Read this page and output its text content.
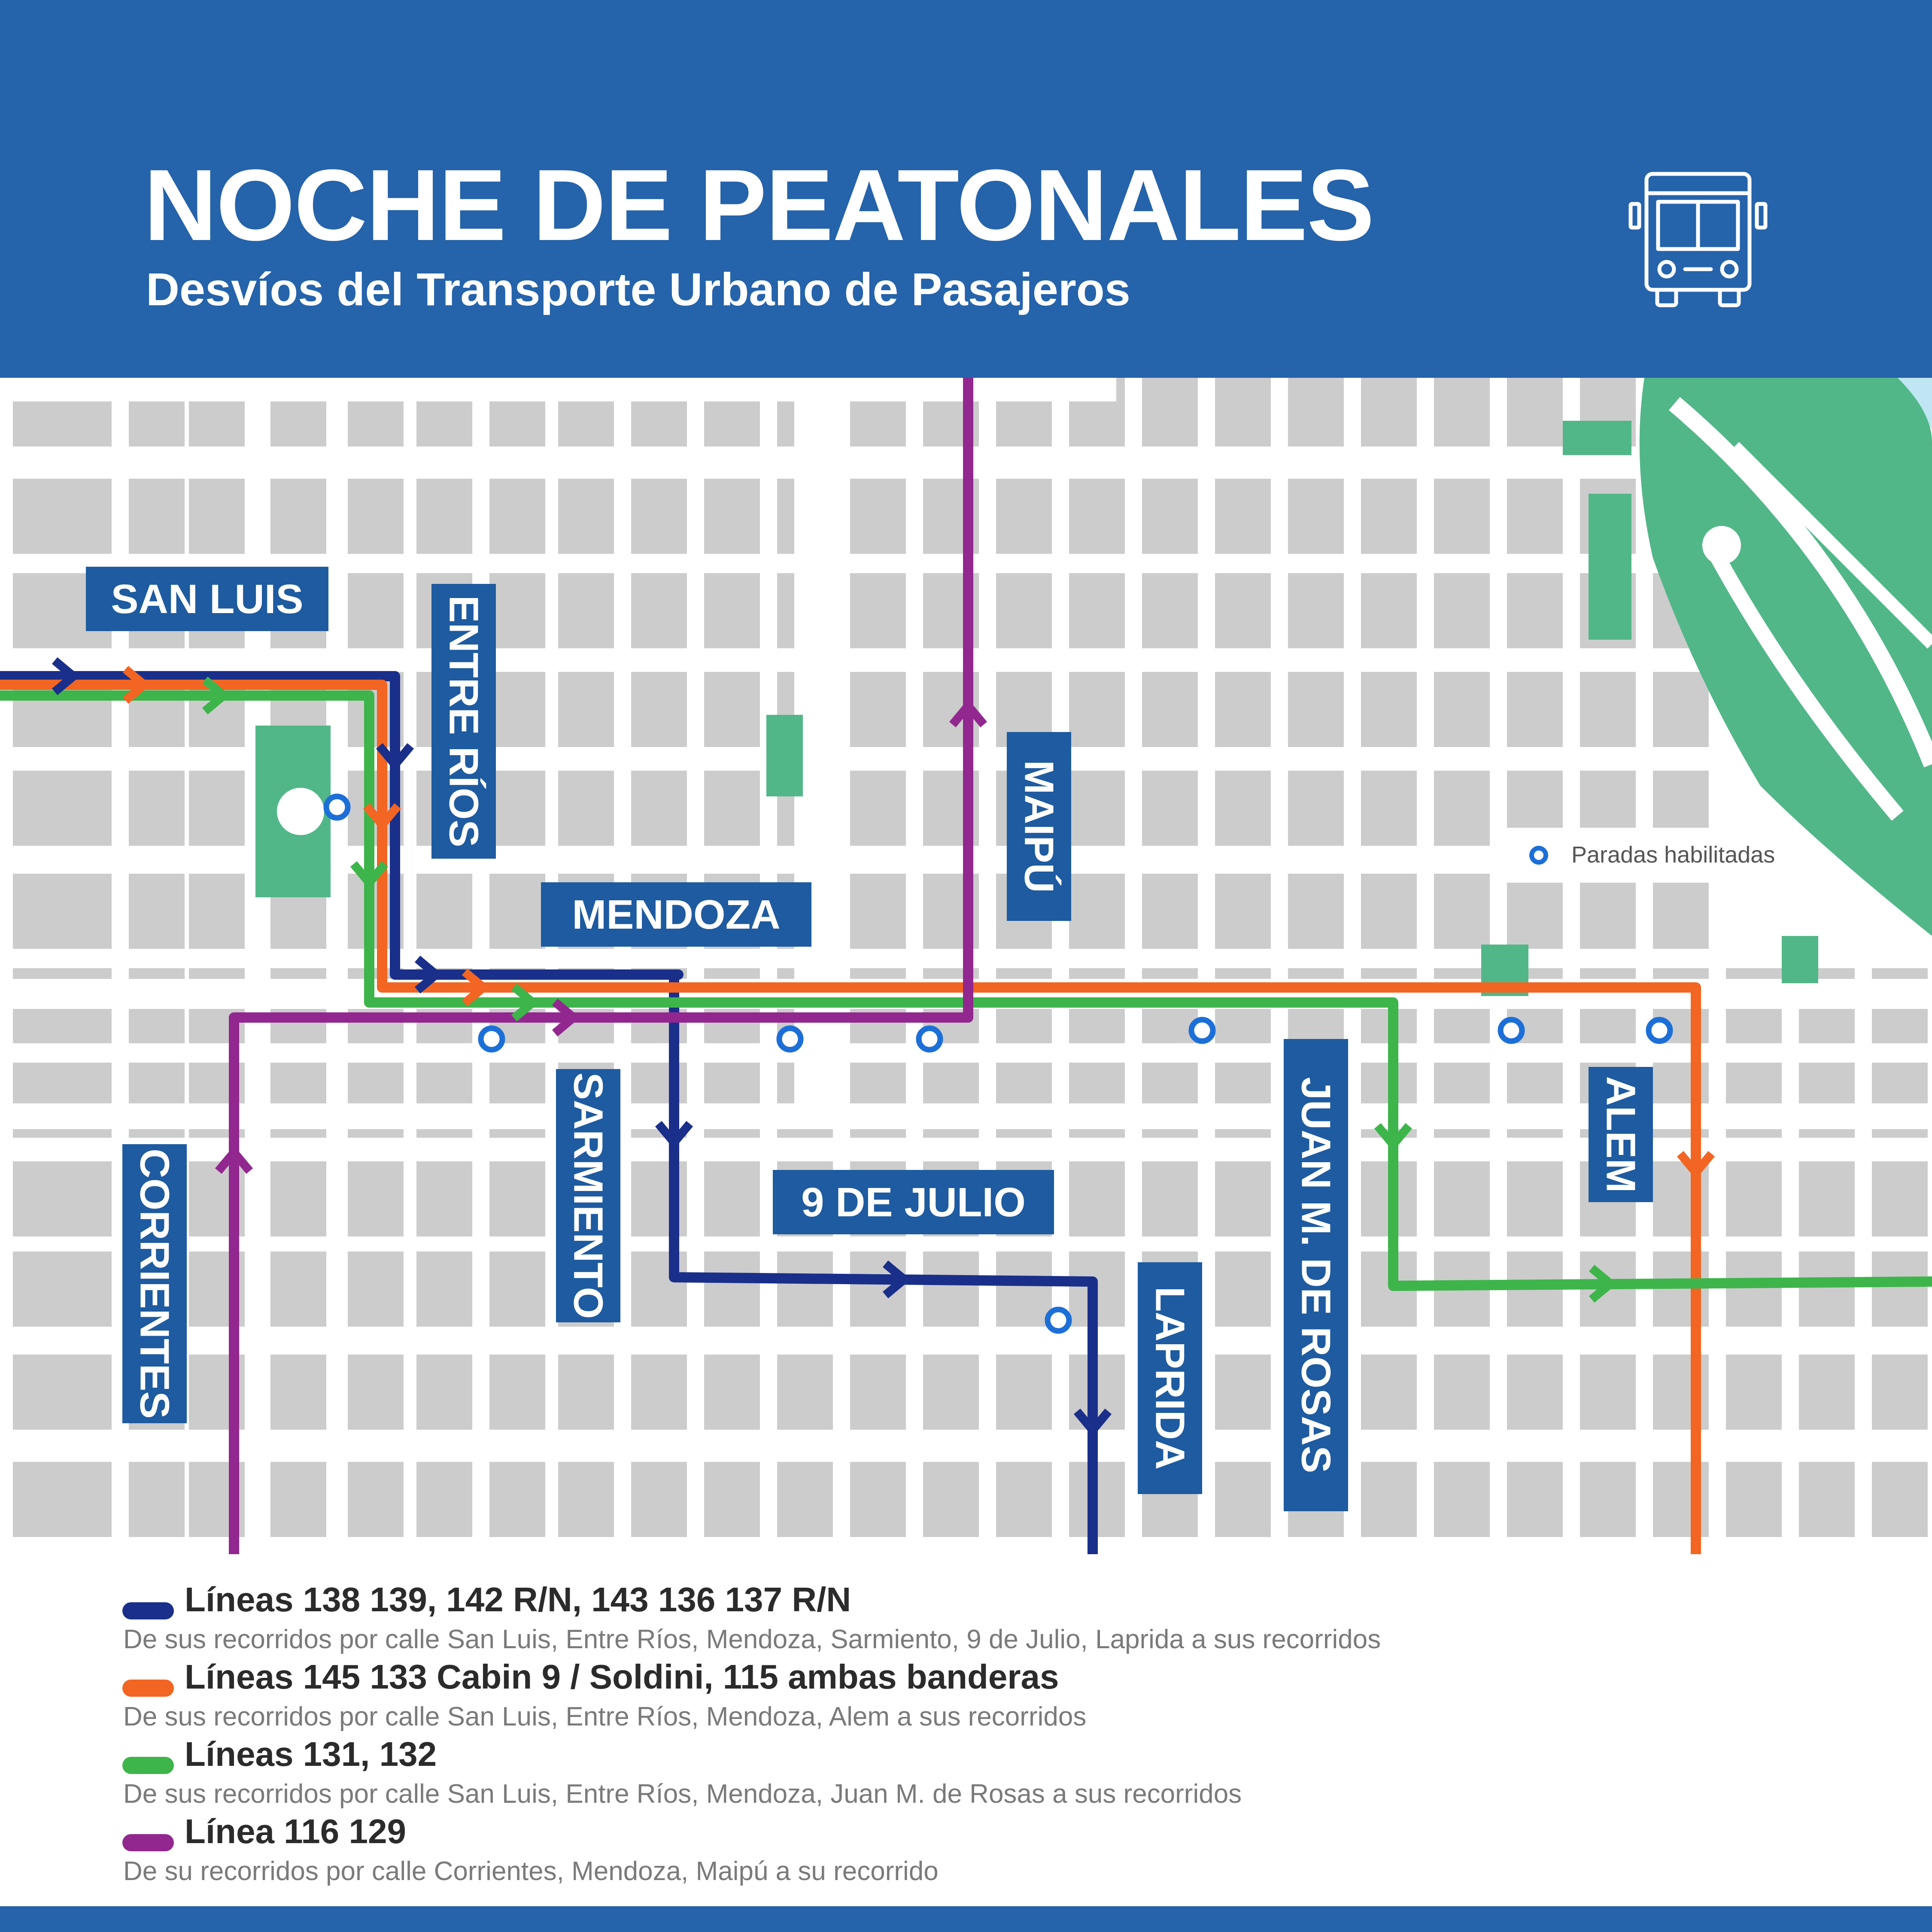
NOCHE DE PEATONALES
Desvíos del Transporte Urbano de Pasajeros
SAN LUIS
MENDOZA
9 DE JULIO
ENTRE RÍOS	MAIPÚ
CORRIENTES	SARMIENTO
LAPRIDA JUAN M. DE ROSAS	ALEM
Paradas habilitadas
Líneas 138 139, 142 R/N, 143 136 137 R/N
De sus recorridos por calle San Luis, Entre Ríos, Mendoza, Sarmiento, 9 de Julio, Laprida a sus recorridos
Líneas 145 133 Cabin 9 / Soldini, 115 ambas banderas
De sus recorridos por calle San Luis, Entre Ríos, Mendoza, Alem a sus recorridos
Líneas 131, 132
De sus recorridos por calle San Luis, Entre Ríos, Mendoza, Juan M. de Rosas a sus recorridos
Línea 116 129
De su recorridos por calle Corrientes, Mendoza, Maipú a su recorrido
